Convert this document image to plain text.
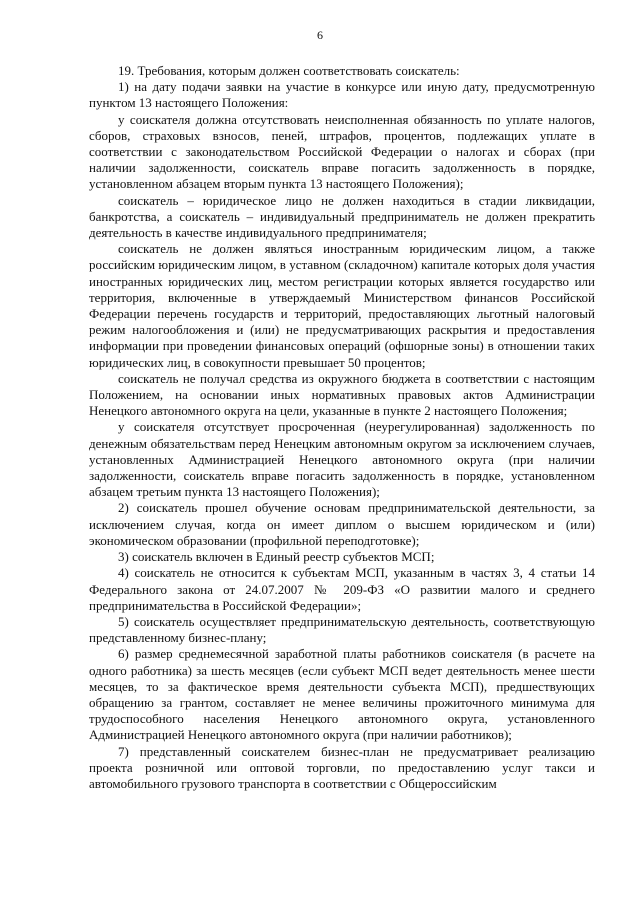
6

19. Требования, которым должен соответствовать соискатель:

1) на дату подачи заявки на участие в конкурсе или иную дату, предусмотренную пунктом 13 настоящего Положения:

у соискателя должна отсутствовать неисполненная обязанность по уплате налогов, сборов, страховых взносов, пеней, штрафов, процентов, подлежащих уплате в соответствии с законодательством Российской Федерации о налогах и сборах (при наличии задолженности, соискатель вправе погасить задолженность в порядке, установленном абзацем вторым пункта 13 настоящего Положения);

соискатель – юридическое лицо не должен находиться в стадии ликвидации, банкротства, а соискатель – индивидуальный предприниматель не должен прекратить деятельность в качестве индивидуального предпринимателя;

соискатель не должен являться иностранным юридическим лицом, а также российским юридическим лицом, в уставном (складочном) капитале которых доля участия иностранных юридических лиц, местом регистрации которых является государство или территория, включенные в утверждаемый Министерством финансов Российской Федерации перечень государств и территорий, предоставляющих льготный налоговый режим налогообложения и (или) не предусматривающих раскрытия и предоставления информации при проведении финансовых операций (офшорные зоны) в отношении таких юридических лиц, в совокупности превышает 50 процентов;

соискатель не получал средства из окружного бюджета в соответствии с настоящим Положением, на основании иных нормативных правовых актов Администрации Ненецкого автономного округа на цели, указанные в пункте 2 настоящего Положения;

у соискателя отсутствует просроченная (неурегулированная) задолженность по денежным обязательствам перед Ненецким автономным округом за исключением случаев, установленных Администрацией Ненецкого автономного округа (при наличии задолженности, соискатель вправе погасить задолженность в порядке, установленном абзацем третьим пункта 13 настоящего Положения);

2) соискатель прошел обучение основам предпринимательской деятельности, за исключением случая, когда он имеет диплом о высшем юридическом и (или) экономическом образовании (профильной переподготовке);

3) соискатель включен в Единый реестр субъектов МСП;

4) соискатель не относится к субъектам МСП, указанным в частях 3, 4 статьи 14 Федерального закона от 24.07.2007 № 209-ФЗ «О развитии малого и среднего предпринимательства в Российской Федерации»;

5) соискатель осуществляет предпринимательскую деятельность, соответствующую представленному бизнес-плану;

6) размер среднемесячной заработной платы работников соискателя (в расчете на одного работника) за шесть месяцев (если субъект МСП ведет деятельность менее шести месяцев, то за фактическое время деятельности субъекта МСП), предшествующих обращению за грантом, составляет не менее величины прожиточного минимума для трудоспособного населения Ненецкого автономного округа, установленного Администрацией Ненецкого автономного округа (при наличии работников);

7) представленный соискателем бизнес-план не предусматривает реализацию проекта розничной или оптовой торговли, по предоставлению услуг такси и автомобильного грузового транспорта в соответствии с Общероссийским
